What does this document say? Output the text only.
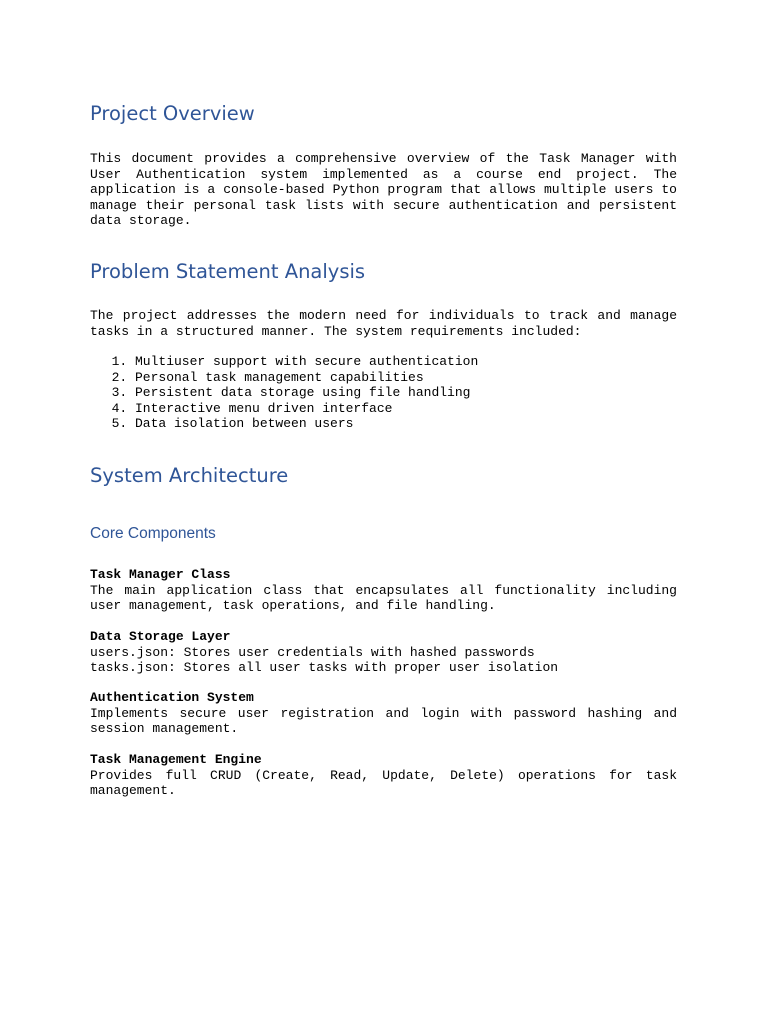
Project Overview

This document provides a comprehensive overview of the Task Manager with User Authentication system implemented as a course end project. The application is a console-based Python program that allows multiple users to manage their personal task lists with secure authentication and persistent data storage.

Problem Statement Analysis

The project addresses the modern need for individuals to track and manage tasks in a structured manner. The system requirements included:

1. Multiuser support with secure authentication
2. Personal task management capabilities
3. Persistent data storage using file handling
4. Interactive menu driven interface
5. Data isolation between users
System Architecture
Core Components
Task Manager Class
The main application class that encapsulates all functionality including user management, task operations, and file handling.
Data Storage Layer
users.json: Stores user credentials with hashed passwords
tasks.json: Stores all user tasks with proper user isolation
Authentication System
Implements secure user registration and login with password hashing and session management.
Task Management Engine
Provides full CRUD (Create, Read, Update, Delete) operations for task management.
